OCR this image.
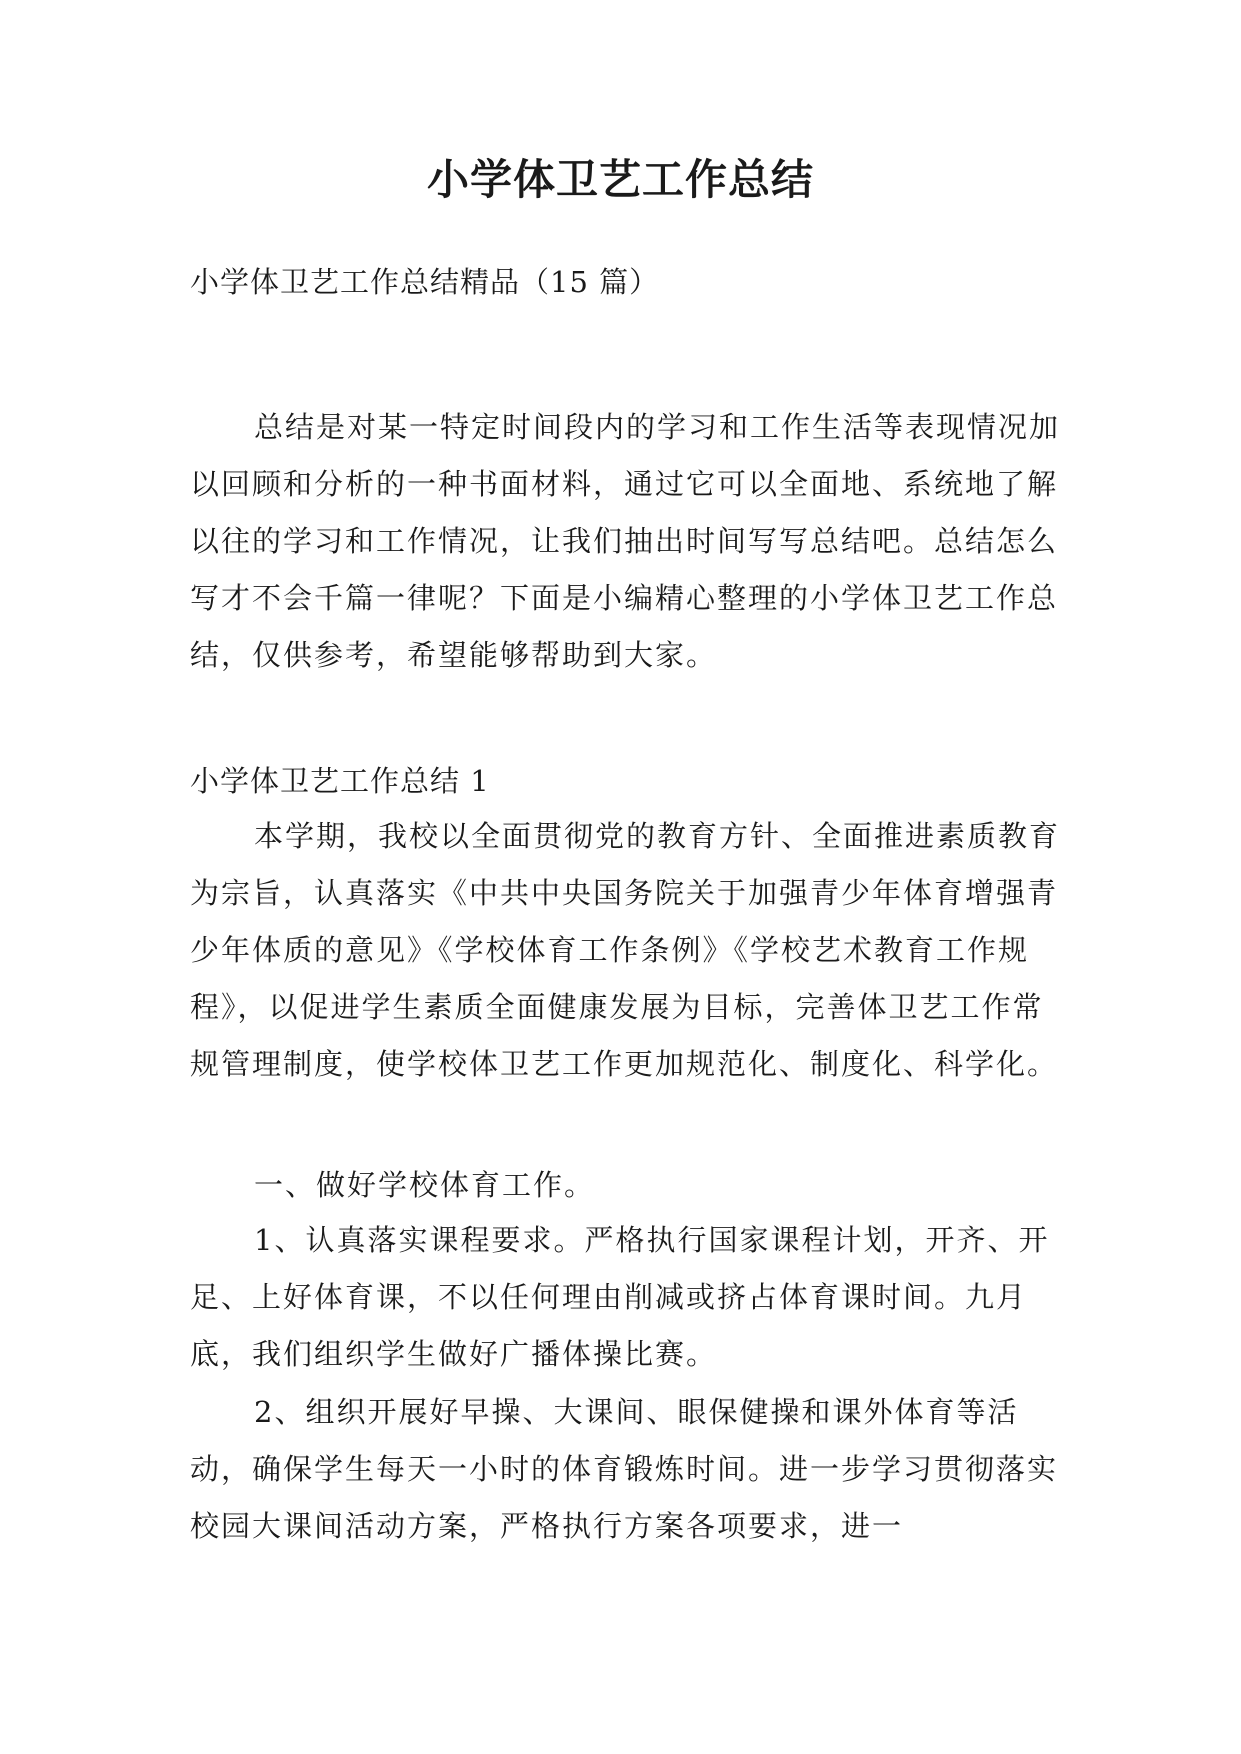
小学体卫艺工作总结

小学体卫艺工作总结精品（15 篇）

总结是对某一特定时间段内的学习和工作生活等表现情况加以回顾和分析的一种书面材料，通过它可以全面地、系统地了解以往的学习和工作情况，让我们抽出时间写写总结吧。总结怎么写才不会千篇一律呢？下面是小编精心整理的小学体卫艺工作总结，仅供参考，希望能够帮助到大家。

小学体卫艺工作总结 1

本学期，我校以全面贯彻党的教育方针、全面推进素质教育为宗旨，认真落实《中共中央国务院关于加强青少年体育增强青少年体质的意见》《学校体育工作条例》《学校艺术教育工作规程》，以促进学生素质全面健康发展为目标，完善体卫艺工作常规管理制度，使学校体卫艺工作更加规范化、制度化、科学化。

一、做好学校体育工作。

1、认真落实课程要求。严格执行国家课程计划，开齐、开足、上好体育课，不以任何理由削减或挤占体育课时间。九月底，我们组织学生做好广播体操比赛。

2、组织开展好早操、大课间、眼保健操和课外体育等活动，确保学生每天一小时的体育锻炼时间。进一步学习贯彻落实校园大课间活动方案，严格执行方案各项要求，进一
